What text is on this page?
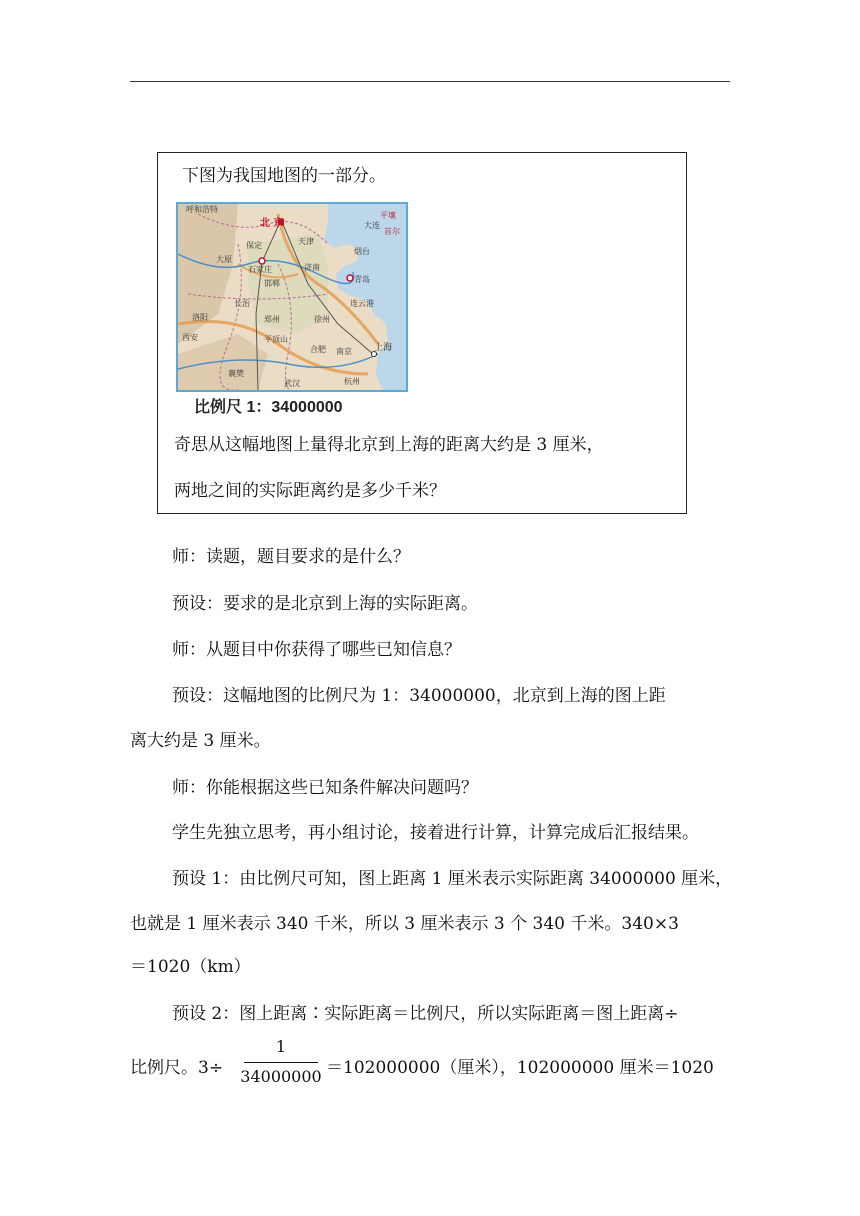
下图为我国地图的一部分。
北 京
呼和浩特
大连
平壤
首尔
天津
保定
烟台
大原
石家庄	济南
青岛
邯郸
长治	连云港
洛阳	郑州	徐州
西安	平顶山
上海
合肥 南京
襄樊
武汉	杭州
比例尺 1：34000000
奇思从这幅地图上量得北京到上海的距离大约是 3 厘米，
两地之间的实际距离约是多少千米？
师：读题，题目要求的是什么？
预设：要求的是北京到上海的实际距离。
师：从题目中你获得了哪些已知信息？
预设：这幅地图的比例尺为 1：34000000，北京到上海的图上距
离大约是 3 厘米。
师：你能根据这些已知条件解决问题吗？
学生先独立思考，再小组讨论，接着进行计算，计算完成后汇报结果。
预设 1：由比例尺可知，图上距离 1 厘米表示实际距离 34000000 厘米，
也就是 1 厘米表示 340 千米，所以 3 厘米表示 3 个 340 千米。340×3
＝1020（km）
预设 2：图上距离∶实际距离＝比例尺，所以实际距离＝图上距离÷
比例尺。3÷
1
34000000 ＝102000000（厘米），102000000 厘米＝1020
